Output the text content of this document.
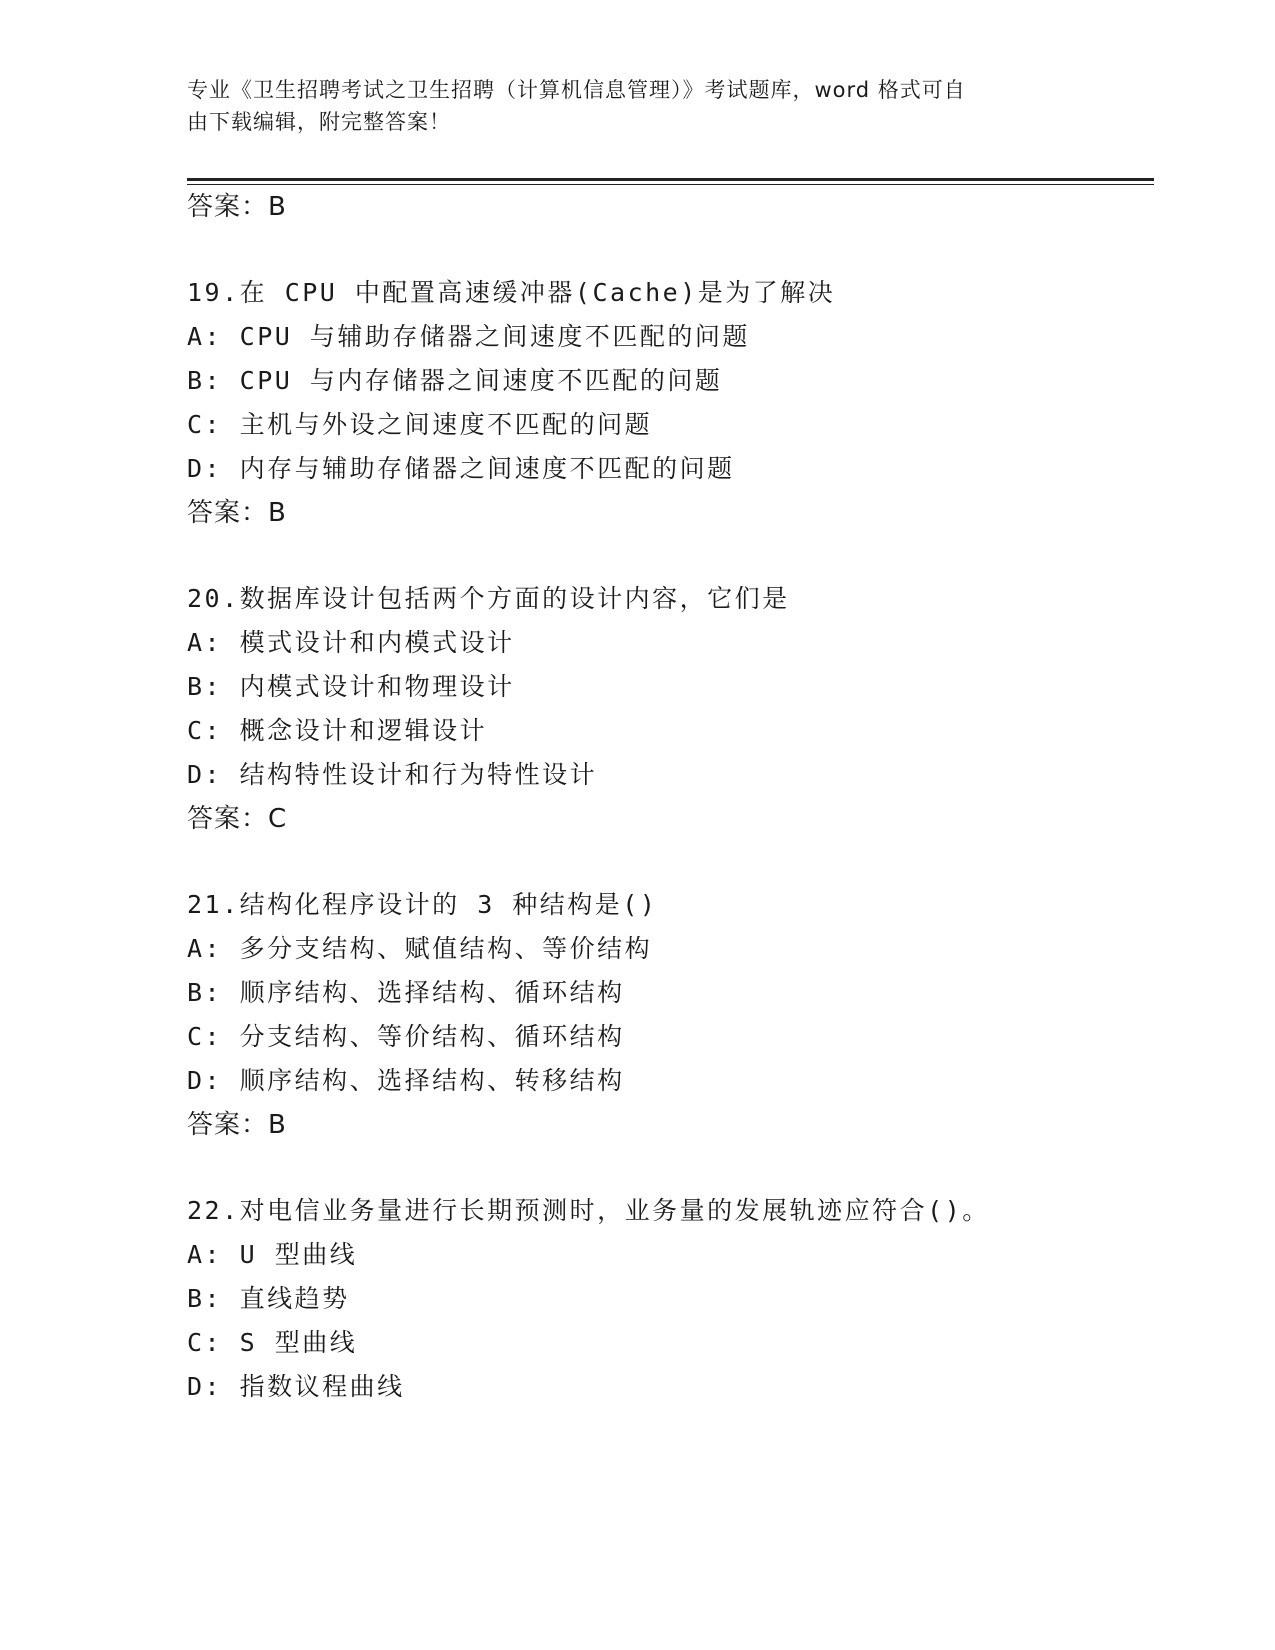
专业《卫生招聘考试之卫生招聘（计算机信息管理）》考试题库，word 格式可自
由下载编辑，附完整答案！
答案：B
19.在 CPU 中配置高速缓冲器(Cache)是为了解决
A: CPU 与辅助存储器之间速度不匹配的问题
B: CPU 与内存储器之间速度不匹配的问题
C: 主机与外设之间速度不匹配的问题
D: 内存与辅助存储器之间速度不匹配的问题
答案：B
20.数据库设计包括两个方面的设计内容，它们是
A: 模式设计和内模式设计
B: 内模式设计和物理设计
C: 概念设计和逻辑设计
D: 结构特性设计和行为特性设计
答案：C
21.结构化程序设计的 3 种结构是()
A: 多分支结构、赋值结构、等价结构
B: 顺序结构、选择结构、循环结构
C: 分支结构、等价结构、循环结构
D: 顺序结构、选择结构、转移结构
答案：B
22.对电信业务量进行长期预测时，业务量的发展轨迹应符合()。
A: U 型曲线
B: 直线趋势
C: S 型曲线
D: 指数议程曲线
